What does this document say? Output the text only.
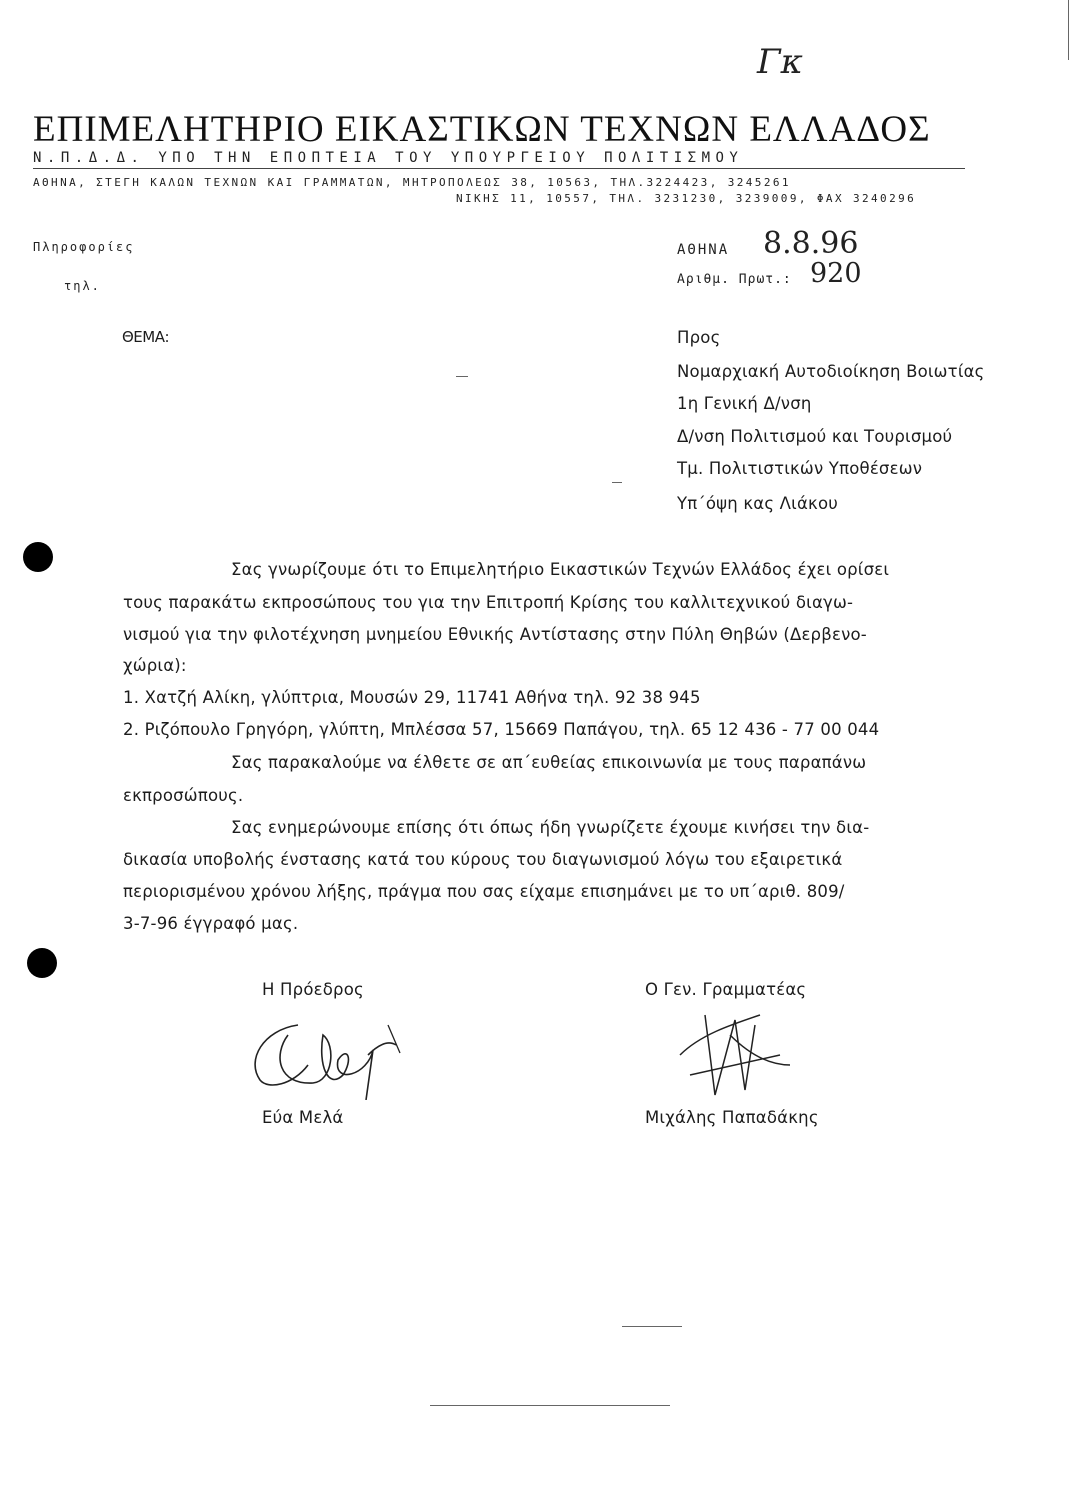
Γκ
ΕΠΙΜΕΛΗΤΗΡΙΟ ΕΙΚΑΣΤΙΚΩΝ ΤΕΧΝΩΝ ΕΛΛΑΔΟΣ
Ν.Π.Δ.Δ. ΥΠΟ ΤΗΝ ΕΠΟΠΤΕΙΑ ΤΟΥ ΥΠΟΥΡΓΕΙΟΥ ΠΟΛΙΤΙΣΜΟΥ
ΑΘΗΝΑ, ΣΤΕΓΗ ΚΑΛΩΝ ΤΕΧΝΩΝ ΚΑΙ ΓΡΑΜΜΑΤΩΝ, ΜΗΤΡΟΠΟΛΕΩΣ 38, 10563, ΤΗΛ.3224423, 3245261
ΝΙΚΗΣ 11, 10557, ΤΗΛ. 3231230, 3239009, ΦΑΧ 3240296
Πληροφορίες
τηλ.
ΘΕΜΑ:
ΑΘΗΝΑ 8.8.96
Αριθμ. Πρωτ.: 920
Προς
Νομαρχιακή Αυτοδιοίκηση Βοιωτίας
1η Γενική Δ/νση
Δ/νση Πολιτισμού και Τουρισμού
Τμ. Πολιτιστικών Υποθέσεων
Υπ΄όψη κας Λιάκου
Σας γνωρίζουμε ότι το Επιμελητήριο Εικαστικών Τεχνών Ελλάδος έχει ορίσει
τους παρακάτω εκπροσώπους του για την Επιτροπή Κρίσης του καλλιτεχνικού διαγω-
νισμού για την φιλοτέχνηση μνημείου Εθνικής Αντίστασης στην Πύλη Θηβών (Δερβενο-
χώρια):
1. Χατζή Αλίκη, γλύπτρια, Μουσών 29, 11741 Αθήνα τηλ. 92 38 945
2. Ριζόπουλο Γρηγόρη, γλύπτη, Μπλέσσα 57, 15669 Παπάγου, τηλ. 65 12 436 - 77 00 044
Σας παρακαλούμε να έλθετε σε απ΄ευθείας επικοινωνία με τους παραπάνω
εκπροσώπους.
Σας ενημερώνουμε επίσης ότι όπως ήδη γνωρίζετε έχουμε κινήσει την δια-
δικασία υποβολής ένστασης κατά του κύρους του διαγωνισμού λόγω του εξαιρετικά
περιορισμένου χρόνου λήξης, πράγμα που σας είχαμε επισημάνει με το υπ΄αριθ. 809/
3-7-96 έγγραφό μας.
Η Πρόεδρος	Ο Γεν. Γραμματέας
Εύα Μελά	Μιχάλης Παπαδάκης
